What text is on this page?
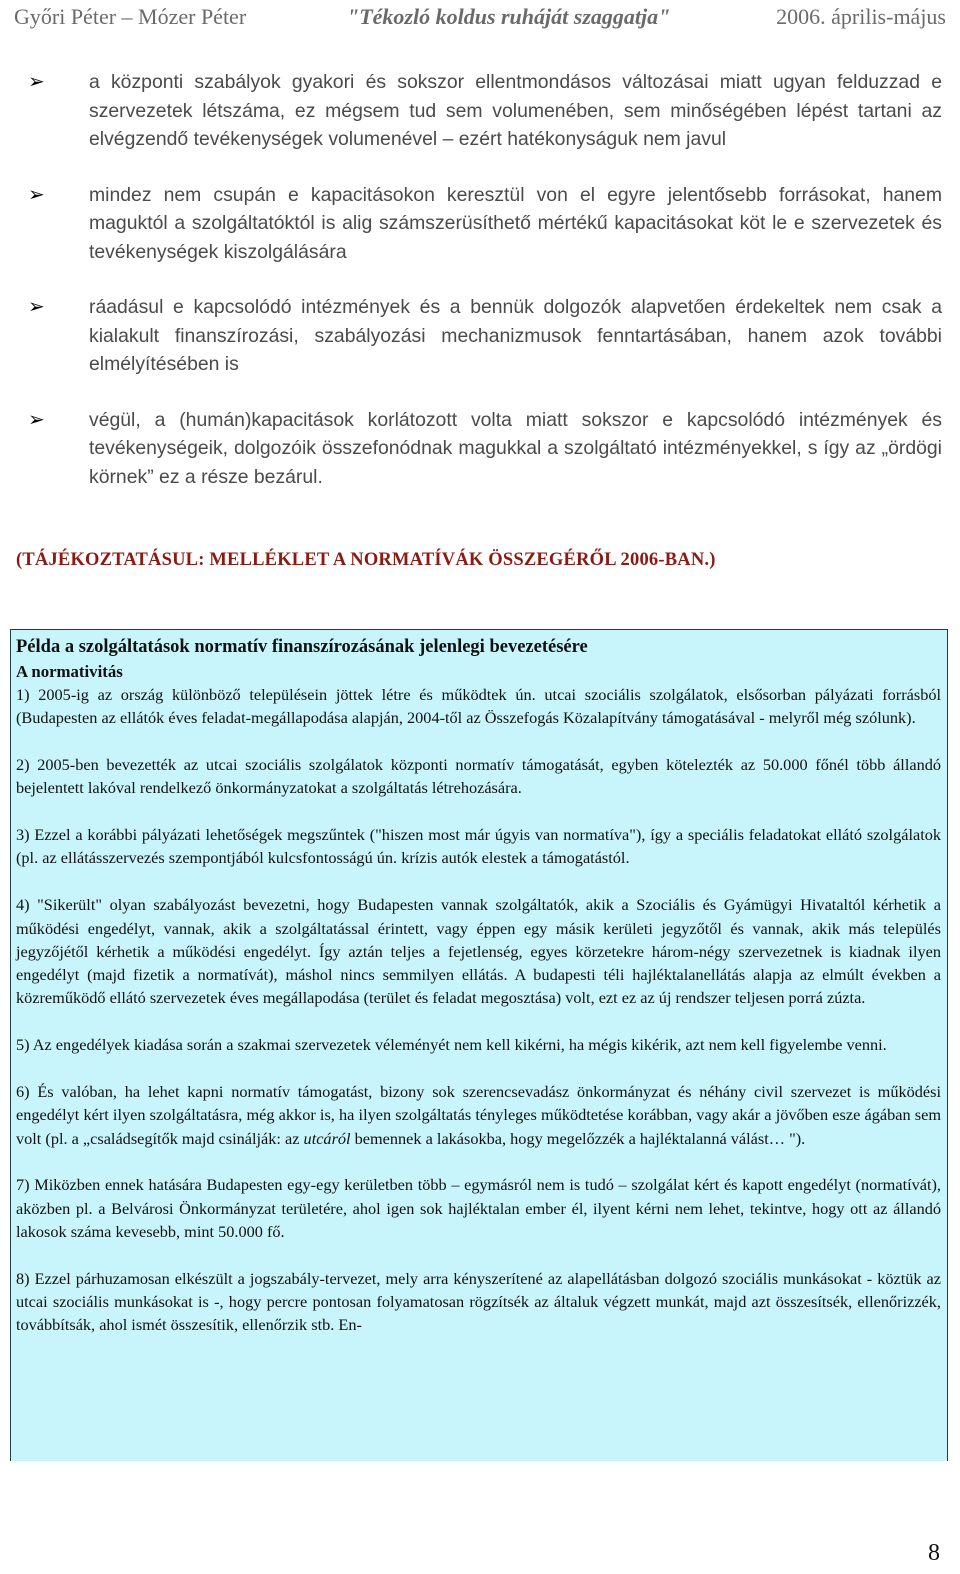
Győri Péter – Mózer Péter	"Tékozló koldus ruháját szaggatja"	2006. április-május
➢ a központi szabályok gyakori és sokszor ellentmondásos változásai miatt ugyan felduzzad e szervezetek létszáma, ez mégsem tud sem volumenében, sem minőségében lépést tartani az elvégzendő tevékenységek volumenével – ezért hatékonyságuk nem javul
➢ mindez nem csupán e kapacitásokon keresztül von el egyre jelentősebb forrásokat, hanem maguktól a szolgáltatóktól is alig számszerüsíthető mértékű kapacitásokat köt le e szervezetek és tevékenységek kiszolgálására
➢ ráadásul e kapcsolódó intézmények és a bennük dolgozók alapvetően érdekeltek nem csak a kialakult finanszírozási, szabályozási mechanizmusok fenntartásában, hanem azok további elmélyítésében is
➢ végül, a (humán)kapacitások korlátozott volta miatt sokszor e kapcsolódó intézmények és tevékenységeik, dolgozóik összefonódnak magukkal a szolgáltató intézményekkel, s így az „ördögi körnek” ez a része bezárul.
(TÁJÉKOZTATÁSUL: MELLÉKLET A NORMATÍVÁK ÖSSZEGÉRŐL 2006-BAN.)
Példa a szolgáltatások normatív finanszírozásának jelenlegi bevezetésére
A normativitás

1) 2005-ig az ország különböző településein jöttek létre és működtek ún. utcai szociális szolgálatok, elsősorban pályázati forrásból (Budapesten az ellátók éves feladat-megállapodása alapján, 2004-től az Összefogás Közalapítvány támogatásával - melyről még szólunk).

2) 2005-ben bevezették az utcai szociális szolgálatok központi normatív támogatását, egyben kötelezték az 50.000 főnél több állandó bejelentett lakóval rendelkező önkormányzatokat a szolgáltatás létrehozására.

3) Ezzel a korábbi pályázati lehetőségek megszűntek ("hiszen most már úgyis van normatíva"), így a speciális feladatokat ellátó szolgálatok (pl. az ellátásszervezés szempontjából kulcsfontosságú ún. krízis autók elestek a támogatástól.

4) "Sikerült" olyan szabályozást bevezetni, hogy Budapesten vannak szolgáltatók, akik a Szociális és Gyámügyi Hivataltól kérhetik a működési engedélyt, vannak, akik a szolgáltatással érintett, vagy éppen egy másik kerületi jegyzőtől és vannak, akik más település jegyzőjétől kérhetik a működési engedélyt. Így aztán teljes a fejetlenség, egyes körzetekre három-négy szervezetnek is kiadnak ilyen engedélyt (majd fizetik a normatívát), máshol nincs semmilyen ellátás. A budapesti téli hajléktalanellátás alapja az elmúlt években a közreműködő ellátó szervezetek éves megállapodása (terület és feladat megosztása) volt, ezt ez az új rendszer teljesen porrá zúzta.

5) Az engedélyek kiadása során a szakmai szervezetek véleményét nem kell kikérni, ha mégis kikérik, azt nem kell figyelembe venni.

6) És valóban, ha lehet kapni normatív támogatást, bizony sok szerencsevadász önkormányzat és néhány civil szervezet is működési engedélyt kért ilyen szolgáltatásra, még akkor is, ha ilyen szolgáltatás tényleges működtetése korábban, vagy akár a jövőben esze ágában sem volt (pl. a „családsegítők majd csinálják: az utcáról bemennek a lakásokba, hogy megelőzzék a hajléktalanná válást… ").

7) Miközben ennek hatására Budapesten egy-egy kerületben több – egymásról nem is tudó – szolgálat kért és kapott engedélyt (normatívát), aközben pl. a Belvárosi Önkormányzat területére, ahol igen sok hajléktalan ember él, ilyent kérni nem lehet, tekintve, hogy ott az állandó lakosok száma kevesebb, mint 50.000 fő.

8) Ezzel párhuzamosan elkészült a jogszabály-tervezet, mely arra kényszerítené az alapellátásban dolgozó szociális munkásokat - köztük az utcai szociális munkásokat is -, hogy percre pontosan folyamatosan rögzítsék az általuk végzett munkát, majd azt összesítsék, ellenőrizzék, továbbítsák, ahol ismét összesítik, ellenőrzik stb. En-

8
